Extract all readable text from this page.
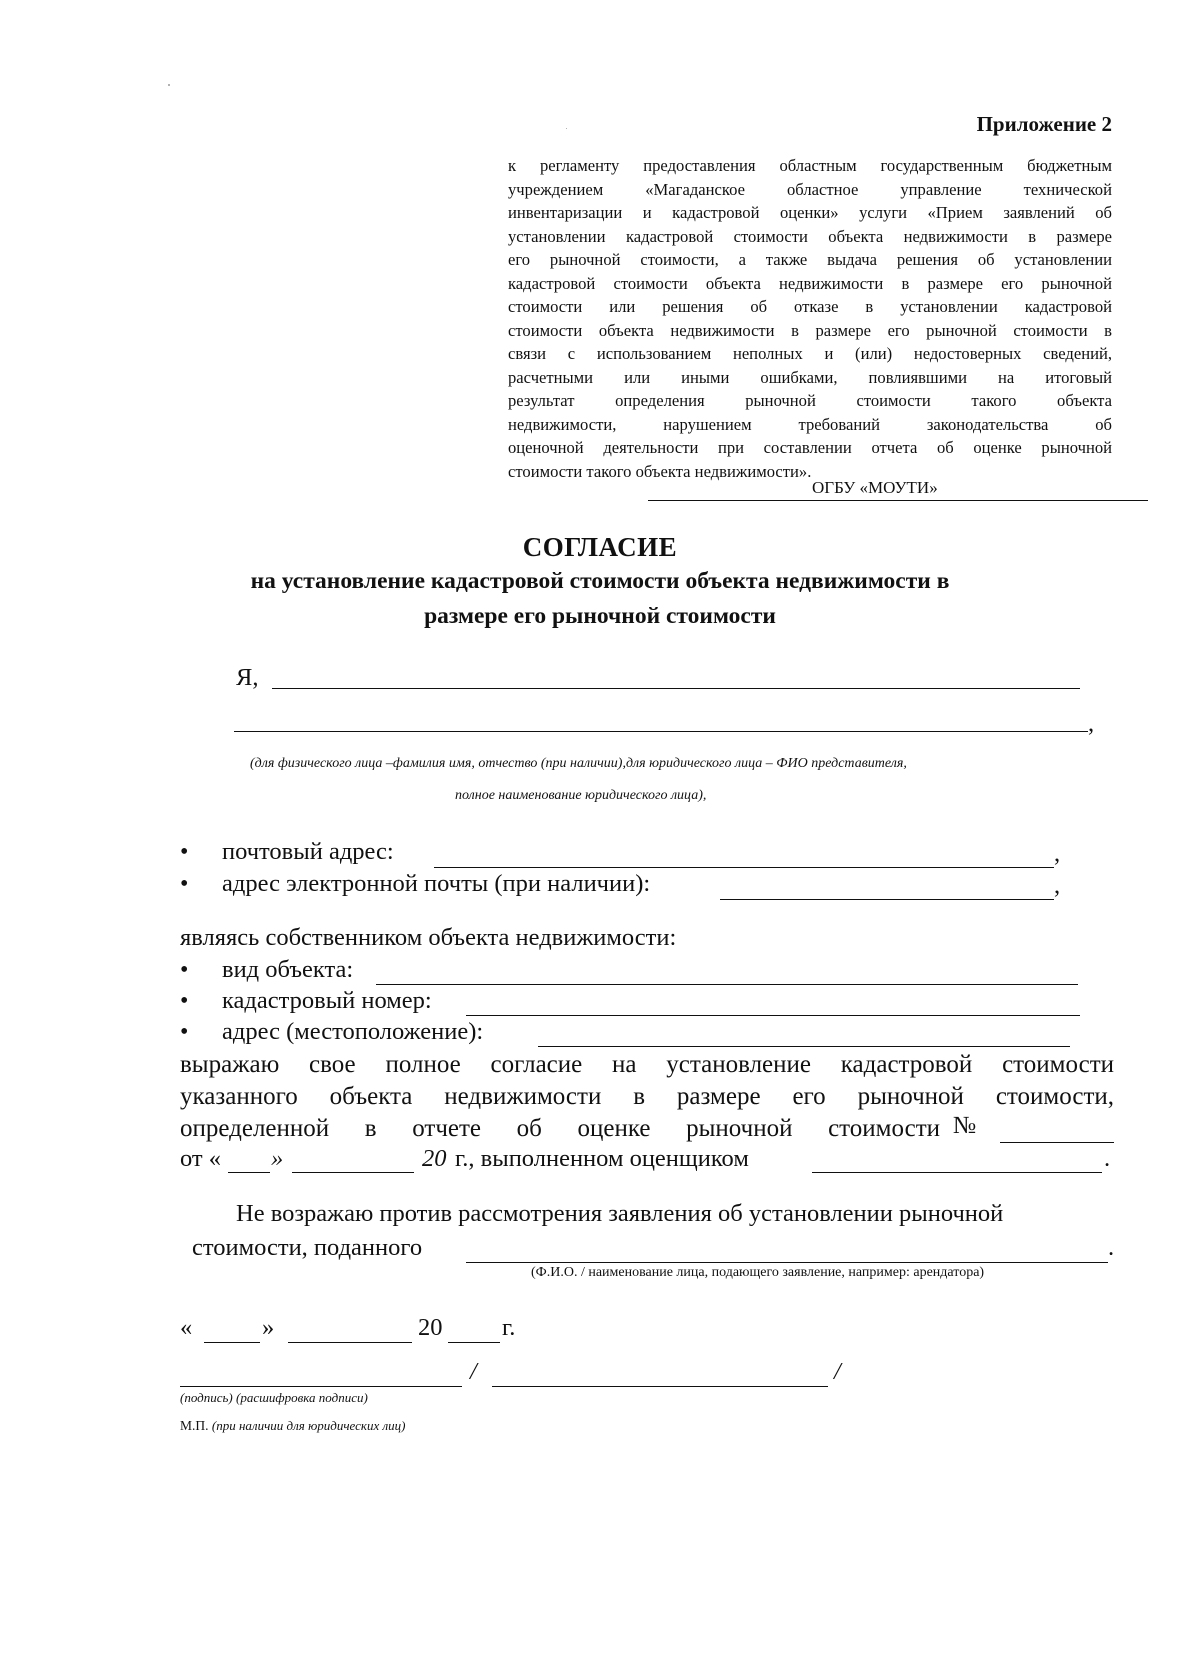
Приложение 2
к регламенту предоставления областным государственным бюджетным
учреждением «Магаданское областное управление технической
инвентаризации и кадастровой оценки» услуги «Прием заявлений об
установлении кадастровой стоимости объекта недвижимости в размере
его рыночной стоимости, а также выдача решения об установлении
кадастровой стоимости объекта недвижимости в размере его рыночной
стоимости или решения об отказе в установлении кадастровой
стоимости объекта недвижимости в размере его рыночной стоимости в
связи с использованием неполных и (или) недостоверных сведений,
расчетными или иными ошибками, повлиявшими на итоговый
результат определения рыночной стоимости такого объекта
недвижимости, нарушением требований законодательства об
оценочной деятельности при составлении отчета об оценке рыночной
стоимости такого объекта недвижимости».
ОГБУ «МОУТИ»
СОГЛАСИЕ
на установление кадастровой стоимости объекта недвижимости в
размере его рыночной стоимости
Я,
,
(для физического лица –фамилия имя, отчество (при наличии),для юридического лица – ФИО представителя,
полное наименование юридического лица),
• почтовый адрес:	,
• адрес электронной почты (при наличии):	,
являясь собственником объекта недвижимости:
• вид объекта:
• кадастровый номер:
• адрес (местоположение):
выражаю свое полное согласие на установление кадастровой стоимости
указанного объекта недвижимости в размере его рыночной стоимости,
определенной в отчете об оценке рыночной стоимости №
от « »	20 г., выполненном оценщиком	.
Не возражаю против рассмотрения заявления об установлении рыночной
стоимости, поданного	.
(Ф.И.О. / наименование лица, подающего заявление, например: арендатора)
«	»	20 г.
/	/
(подпись) (расшифровка подписи)
М.П. (при наличии для юридических лиц)
